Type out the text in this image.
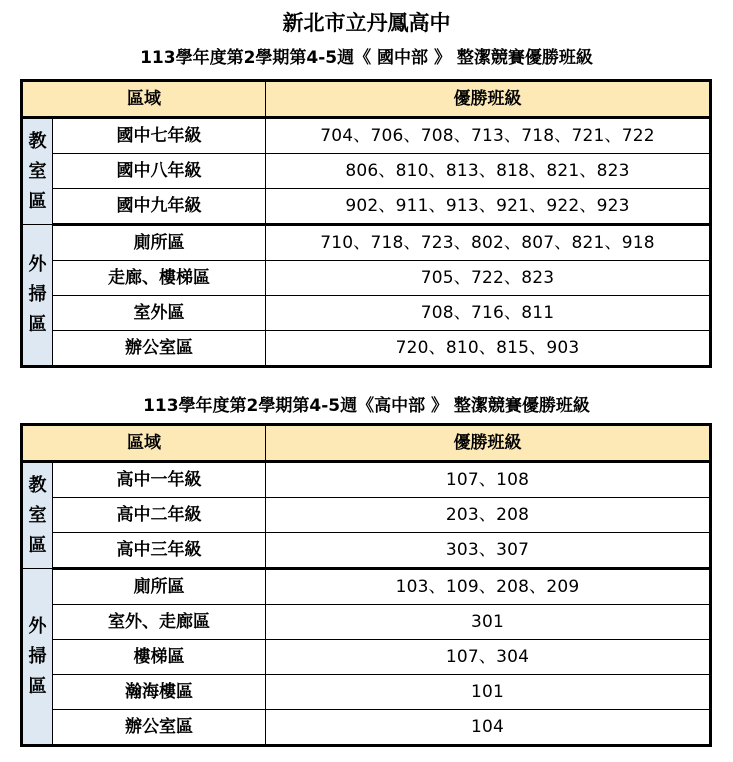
新北市立丹鳳高中
113學年度第2學期第4-5週《 國中部 》 整潔競賽優勝班級
區域		優勝班級

教
室
區	國中七年級	704、706、708、713、718、721、722
	國中八年級	806、810、813、818、821、823
	國中九年級	902、911、913、921、922、923

外
掃
區	廁所區	710、718、723、802、807、821、918
	走廊、樓梯區	705、722、823
	室外區	708、716、811
	辦公室區	720、810、815、903
113學年度第2學期第4-5週《高中部 》 整潔競賽優勝班級
區域		優勝班級

教
室
區	高中一年級	107、108
	高中二年級	203、208
	高中三年級	303、307

外
掃
區	廁所區	103、109、208、209
	室外、走廊區	301
	樓梯區	107、304
	瀚海樓區	101
	辦公室區	104
